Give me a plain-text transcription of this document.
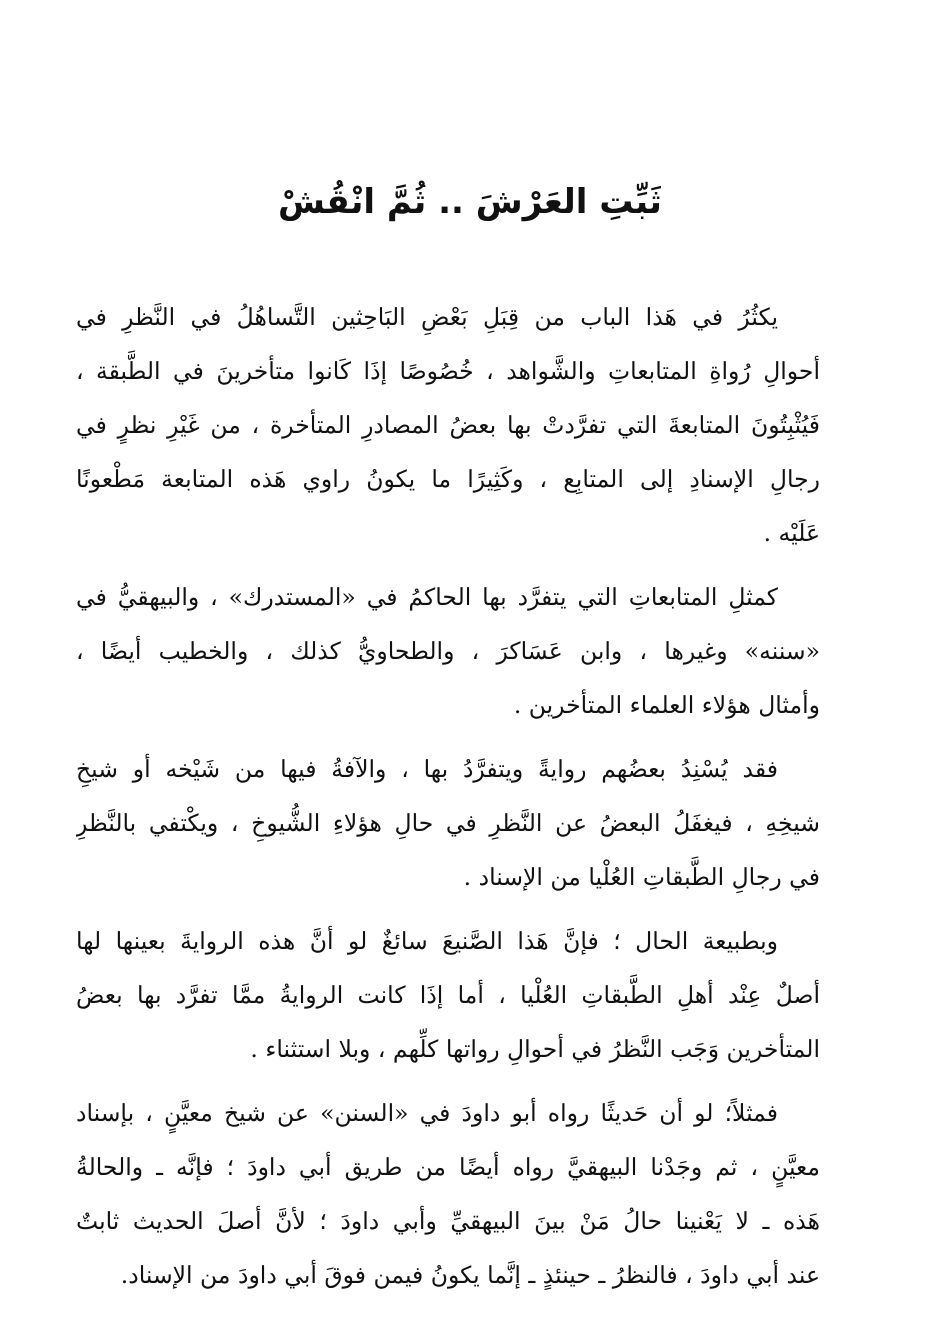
ثَبِّتِ العَرْشَ .. ثُمَّ انْقُشْ
يكثُرُ في هَذا الباب من قِبَلِ بَعْضِ البَاحِثين التَّساهُلُ في النَّظرِ في
أحوالِ رُواةِ المتابعاتِ والشَّواهد ، خُصُوصًا إذَا كَانوا متأخرينَ في الطَّبقة ،
فَيُثْبِتُونَ المتابعةَ التي تفرَّدتْ بها بعضُ المصادرِ المتأخرة ، من غَيْرِ نظرٍ في
رجالِ الإسنادِ إلى المتابِع ، وكَثِيرًا ما يكونُ راوي هَذه المتابعة مَطْعونًا
عَلَيْه .
كمثلِ المتابعاتِ التي يتفرَّد بها الحاكمُ في «المستدرك» ، والبيهقيُّ في
«سننه» وغيرها ، وابن عَسَاكرَ ، والطحاويُّ كذلك ، والخطيب أيضًا ،
وأمثال هؤلاء العلماء المتأخرين .
فقد يُسْنِدُ بعضُهم روايةً ويتفرَّدُ بها ، والآفةُ فيها من شَيْخه أو شيخِ
شيخِهِ ، فيغفَلُ البعضُ عن النَّظرِ في حالِ هؤلاءِ الشُّيوخِ ، ويكْتفي بالنَّظرِ
في رجالِ الطَّبقاتِ العُلْيا من الإسناد .
وبطبيعة الحال ؛ فإنَّ هَذا الصَّنيعَ سائغٌ لو أنَّ هذه الروايةَ بعينها لها
أصلٌ عِنْد أهلِ الطَّبقاتِ العُلْيا ، أما إذَا كانت الروايةُ ممَّا تفرَّد بها بعضُ
المتأخرين وَجَب النَّظرُ في أحوالِ رواتها كلِّهم ، وبلا استثناء .
فمثلاً؛ لو أن حَديثًا رواه أبو داودَ في «السنن» عن شيخ معيَّنٍ ، بإسناد
معيَّنٍ ، ثم وجَدْنا البيهقيَّ رواه أيضًا من طريق أبي داودَ ؛ فإنَّه ـ والحالةُ
هَذه ـ لا يَعْنينا حالُ مَنْ بينَ البيهقيِّ وأبي داودَ ؛ لأنَّ أصلَ الحديث ثابتٌ
عند أبي داودَ ، فالنظرُ ـ حينئذٍ ـ إنَّما يكونُ فيمن فوقَ أبي داودَ من الإسناد.
